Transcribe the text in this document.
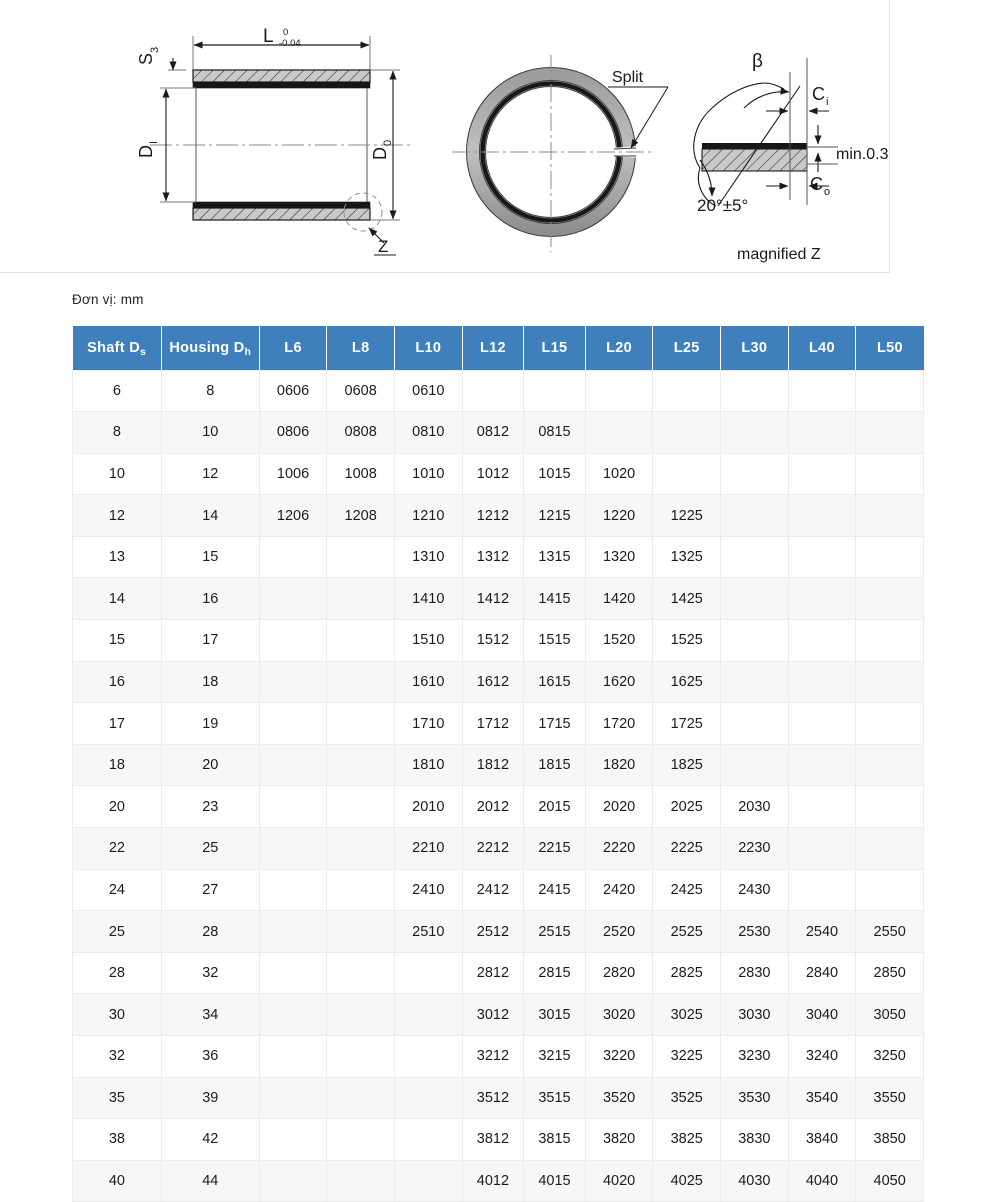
L 0
-0.04
S
3
D
I
D
0
Z
Split
β
C i
C o
min.0.3
20°±5°
magnified Z
Đơn vị: mm
Shaft $D_s$	Housing $D_h$	L6	L8	L10	L12	L15	L20	L25	L30	L40	L50
6	8	0606	0608	0610							
8	10	0806	0808	0810	0812	0815					
10	12	1006	1008	1010	1012	1015	1020				
12	14	1206	1208	1210	1212	1215	1220	1225			
13	15			1310	1312	1315	1320	1325			
14	16			1410	1412	1415	1420	1425			
15	17			1510	1512	1515	1520	1525			
16	18			1610	1612	1615	1620	1625			
17	19			1710	1712	1715	1720	1725			
18	20			1810	1812	1815	1820	1825			
20	23			2010	2012	2015	2020	2025	2030		
22	25			2210	2212	2215	2220	2225	2230		
24	27			2410	2412	2415	2420	2425	2430		
25	28			2510	2512	2515	2520	2525	2530	2540	2550
28	32				2812	2815	2820	2825	2830	2840	2850
30	34				3012	3015	3020	3025	3030	3040	3050
32	36				3212	3215	3220	3225	3230	3240	3250
35	39				3512	3515	3520	3525	3530	3540	3550
38	42				3812	3815	3820	3825	3830	3840	3850
40	44				4012	4015	4020	4025	4030	4040	4050
